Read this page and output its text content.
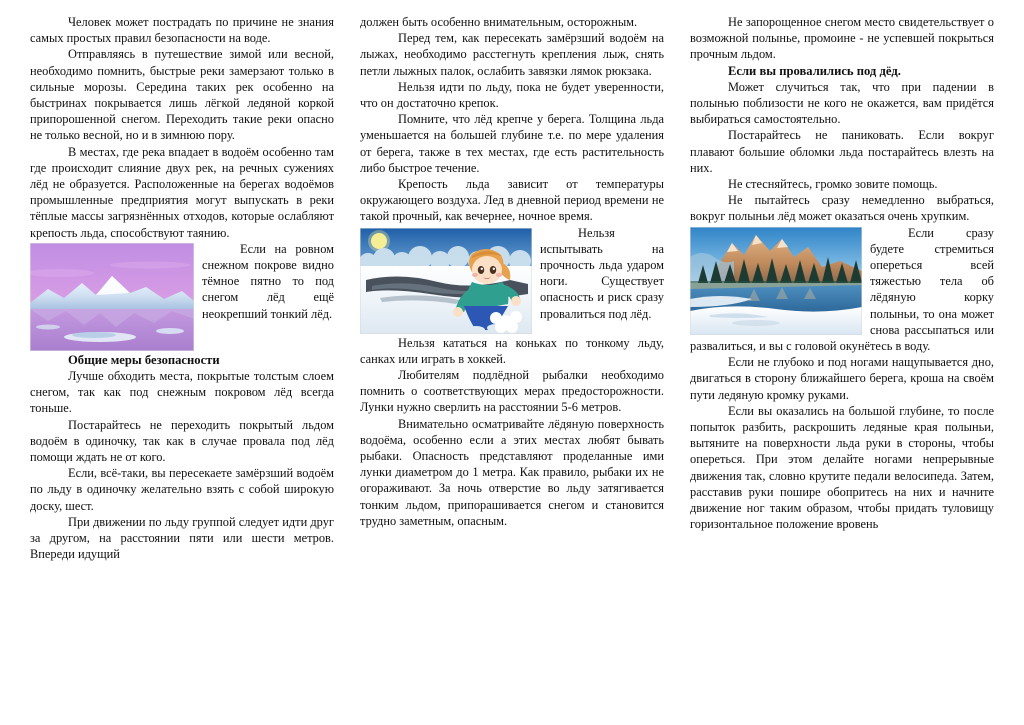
Человек может пострадать по причине не знания самых простых правил безопасности на воде.

Отправляясь в путешествие зимой или весной, необходимо помнить, быстрые реки замерзают только в сильные морозы. Середина таких рек особенно на быстринах покрывается лишь лёгкой ледяной коркой припорошенной снегом. Переходить такие реки опасно не только весной, но и в зимнюю пору.

В местах, где река впадает в водоём особенно там где происходит слияние двух рек, на речных сужениях лёд не образуется. Расположенные на берегах водоёмов промышленные предприятия могут выпускать в реки тёплые массы загрязнённых отходов, которые ослабляют крепость льда, способствуют таянию.

Если на ровном снежном покрове видно тёмное пятно то под снегом лёд ещё неокрепший тонкий лёд.

Общие меры безопасности

Лучше обходить места, покрытые толстым слоем снегом, так как под снежным покровом лёд всегда тоньше.

Постарайтесь не переходить покрытый льдом водоём в одиночку, так как в случае провала под лёд помощи ждать не от кого.

Если, всё-таки, вы пересекаете замёрзший водоём по льду в одиночку желательно взять с собой широкую доску, шест.

При движении по льду группой следует идти друг за другом, на расстоянии пяти или шести метров. Впереди идущий

должен быть особенно внимательным, осторожным.

Перед тем, как пересекать замёрзший водоём на лыжах, необходимо расстегнуть крепления лыж, снять петли лыжных палок, ослабить завязки лямок рюкзака.

Нельзя идти по льду, пока не будет уверенности, что он достаточно крепок.

Помните, что лёд крепче у берега. Толщина льда уменьшается на большей глубине т.е. по мере удаления от берега, также в тех местах, где есть растительность либо быстрое течение.

Крепость льда зависит от температуры окружающего воздуха. Лед в дневной период времени не такой прочный, как вечернее, ночное время.

Нельзя испытывать на прочность льда ударом ноги. Существует опасность и риск сразу провалиться под лёд.

Нельзя кататься на коньках по тонкому льду, санках или играть в хоккей.

Любителям подлёдной рыбалки необходимо помнить о соответствующих мерах предосторожности. Лунки нужно сверлить на расстоянии 5-6 метров.

Внимательно осматривайте лёдяную поверхность водоёма, особенно если а этих местах любят бывать рыбаки. Опасность представляют проделанные ими лунки диаметром до 1 метра. Как правило, рыбаки их не огораживают. За ночь отверстие во льду затягивается тонким льдом, припорашивается снегом и становится трудно заметным, опасным.

Не запорощенное снегом место свидетельствует о возможной полынье, промоине - не успевшей покрыться прочным льдом.

Если вы провалились под дёд.

Может случиться так, что при падении в полынью поблизости не кого не окажется, вам придётся выбираться самостоятельно.

Постарайтесь не паниковать. Если вокруг плавают большие обломки льда постарайтесь влезть на них.

Не стесняйтесь, громко зовите помощь.

Не пытайтесь сразу немедленно выбраться, вокруг полыньи лёд может оказаться очень хрупким.

Если сразу будете стремиться опереться всей тяжестью тела об лёдяную корку полыньи, то она может снова рассыпаться или развалиться, и вы с головой окунётесь в воду.

Если не глубоко и под ногами нащупывается дно, двигаться в сторону ближайшего берега, кроша на своём пути ледяную кромку руками.

Если вы оказались на большой глубине, то после попыток разбить, раскрошить ледяные края полыньи, вытяните на поверхности льда руки в стороны, чтобы опереться. При этом делайте ногами непрерывные движения так, словно крутите педали велосипеда. Затем, расставив руки пошире обопритесь на них и начните движение ног таким образом, чтобы придать туловищу горизонтальное положение вровень
